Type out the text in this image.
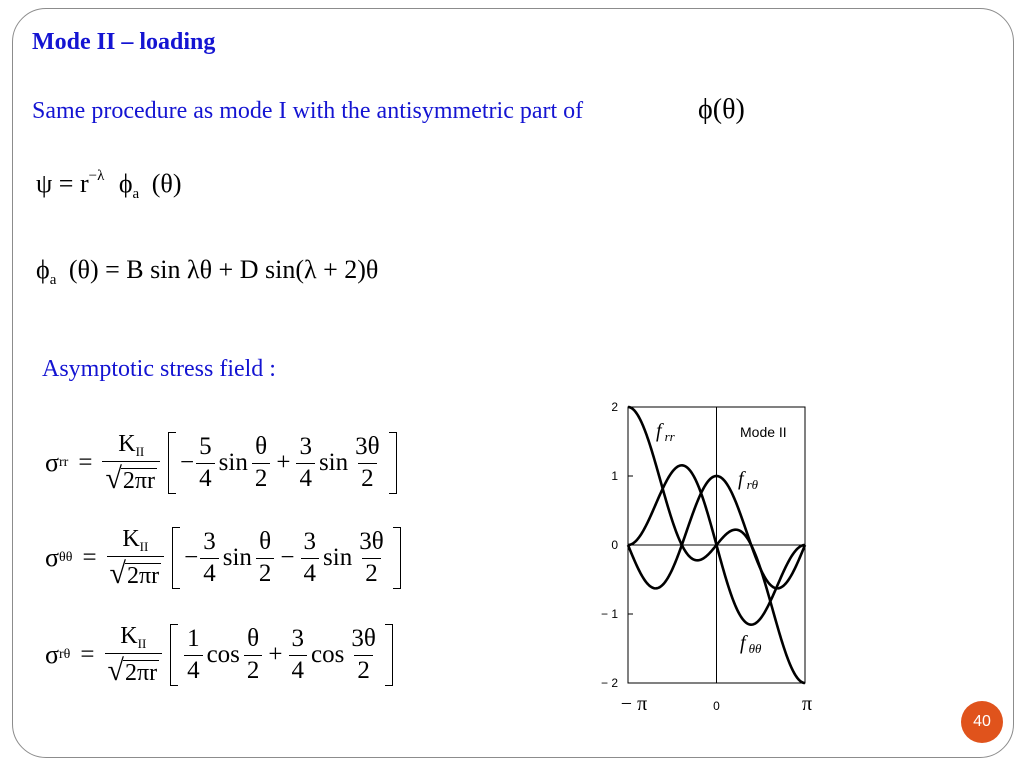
Mode II – loading
Same procedure as mode I with the antisymmetric part of	ϕ(θ)
$\psi = r^{-\lambda}$ $\phi_a$ (θ)
$\phi_a$ (θ) = B sin λθ + D sin(λ + 2)θ
Asymptotic stress field :
σ rr = $\frac{K_{II}}{√ 2\pi r} - \frac{5}{4}$ $\sin \frac{\theta}{2} + \frac{3}{4}$ $\sin \frac{3\theta}{2}$
σ $\theta\theta = \frac{K_{II}}{√ 2\pi r} - \frac{3}{4}$ $\sin \frac{\theta}{2} - \frac{3}{4}$ $\sin \frac{3\theta}{2}$
σ $r\theta = \frac{K_{II}}{√ 2\pi r} \frac{1}{4}$ $\cos \frac{\theta}{2} + \frac{3}{4}$ $\cos \frac{3\theta}{2}$
2
1
0
− 1
− 2
− π	0	π
f $_{rr}$
f $_{r\theta}$
f $_{\theta\theta}$
Mode II
40
